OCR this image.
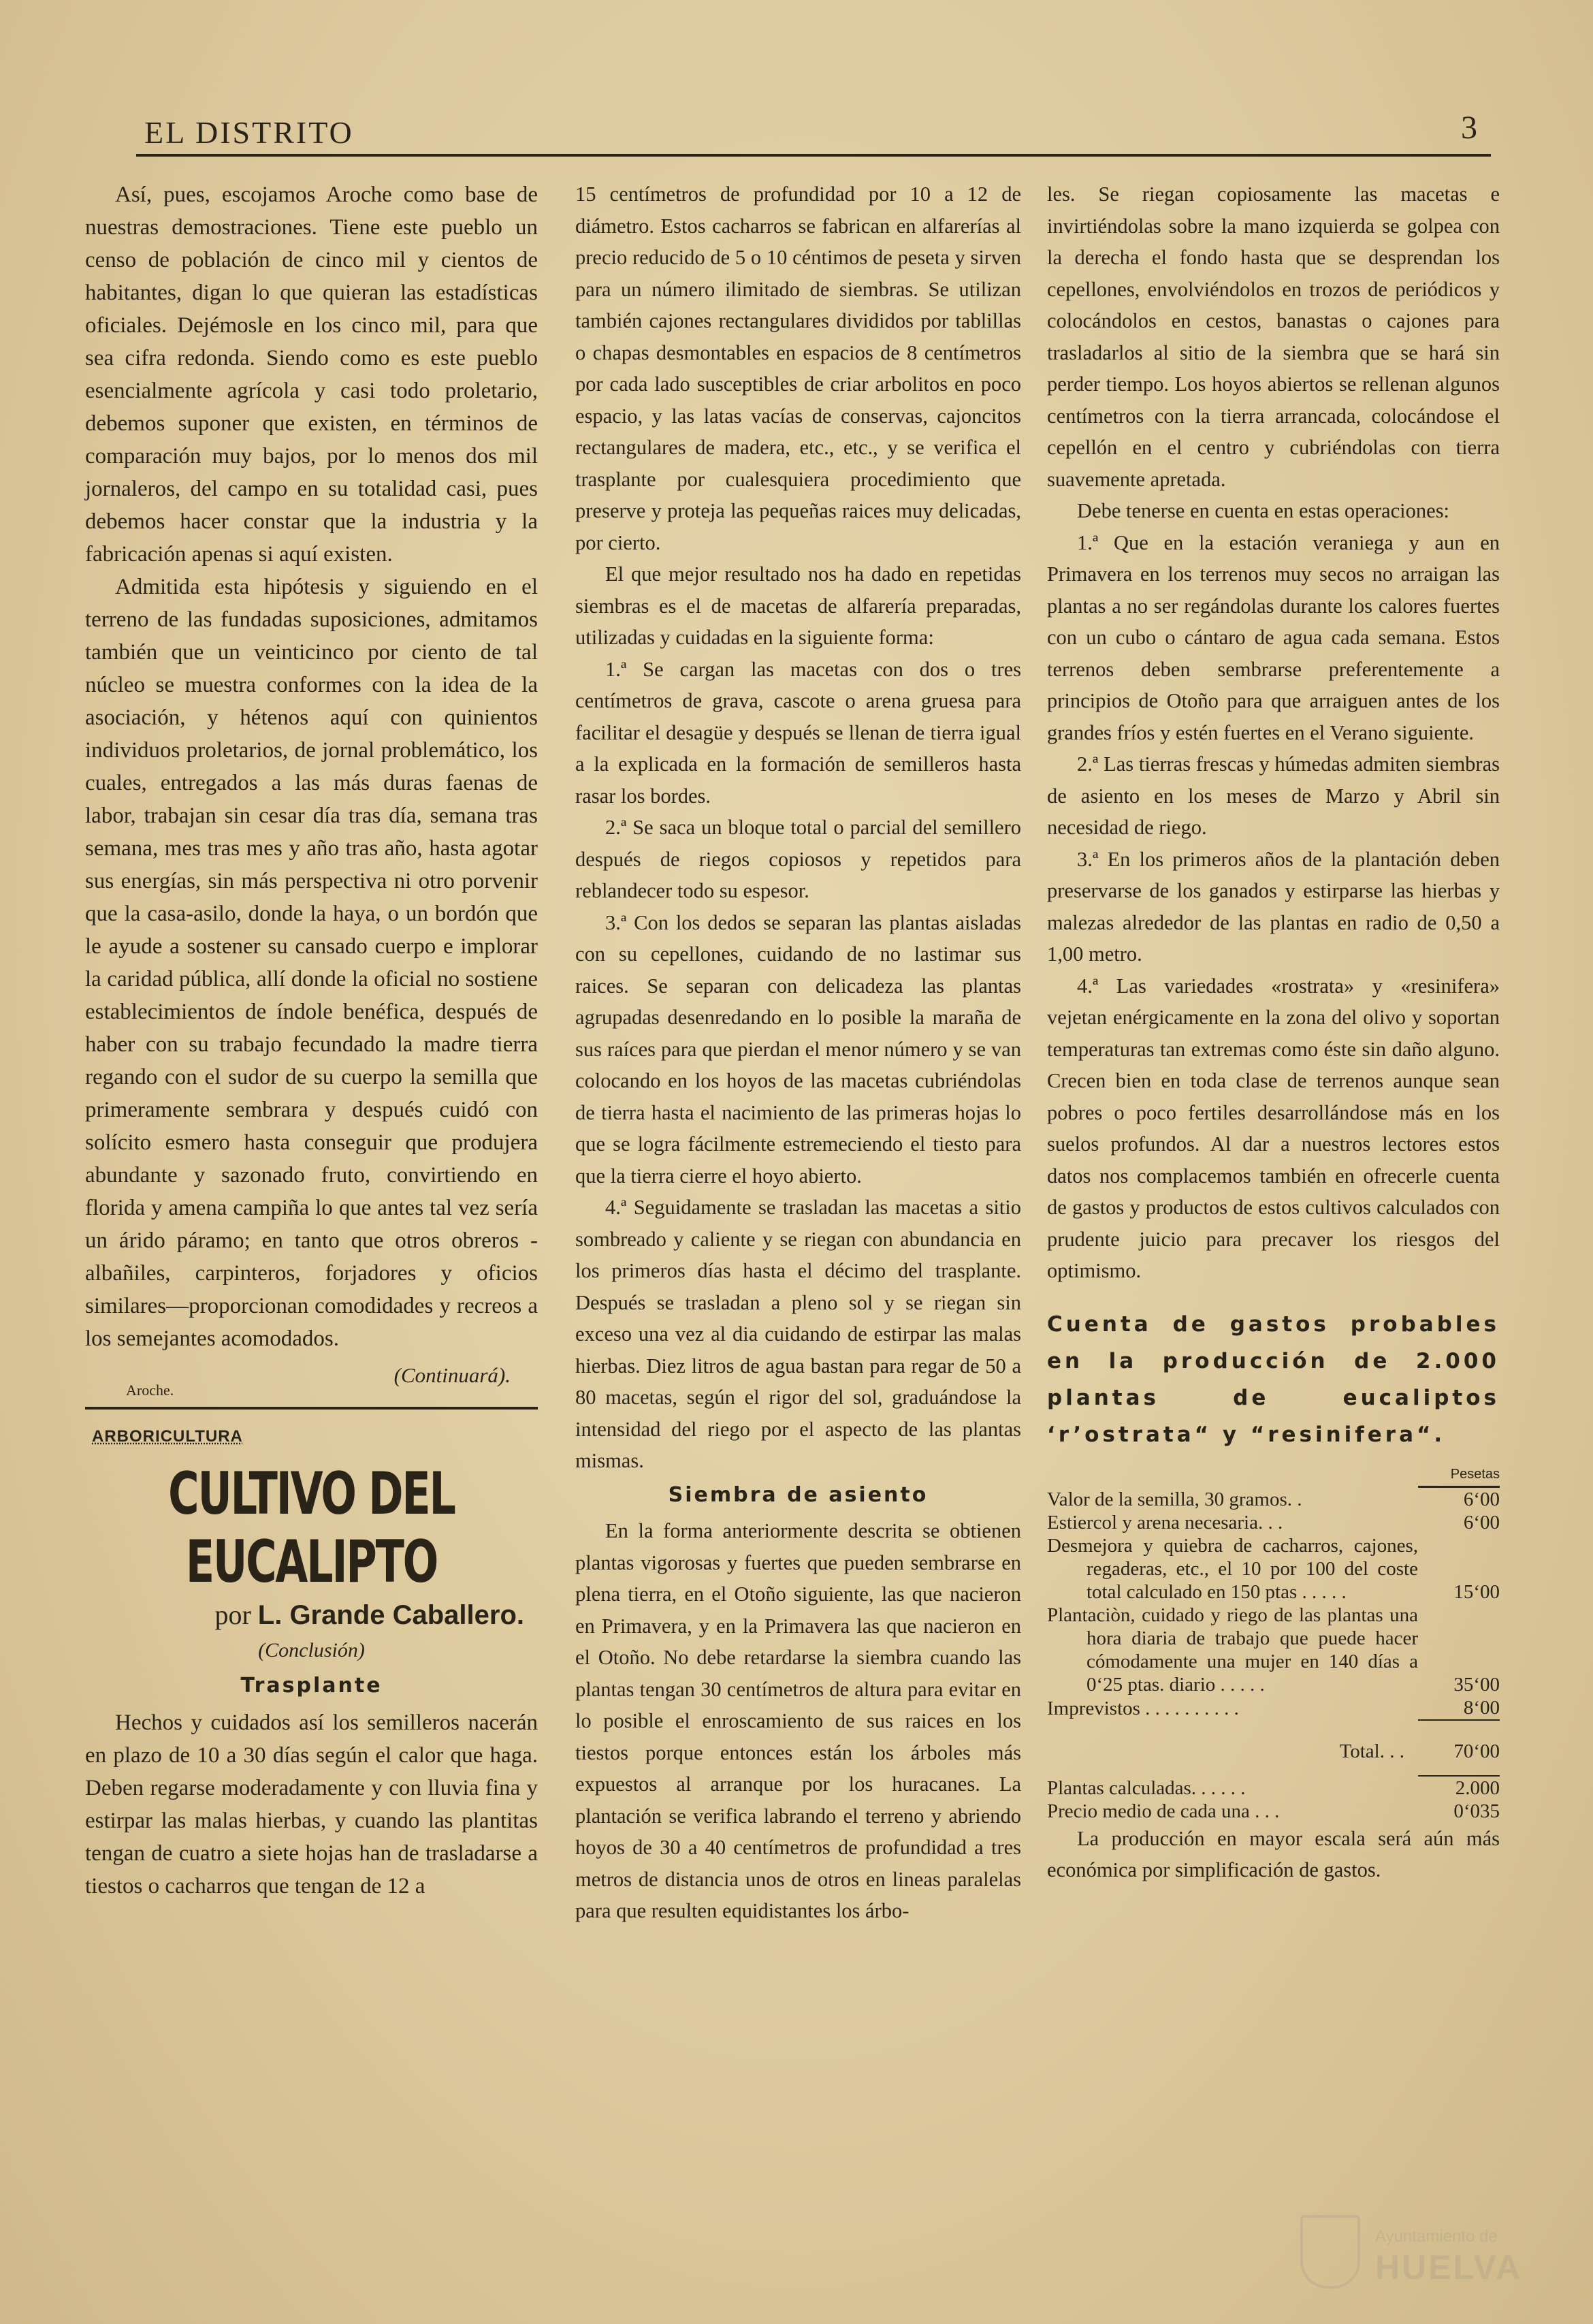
EL DISTRITO	3

Así, pues, escojamos Aroche como base de nuestras demostraciones. Tiene este pueblo un censo de población de cinco mil y cientos de habitantes, digan lo que quieran las estadísticas oficiales. Dejémosle en los cinco mil, para que sea cifra redonda. Siendo como es este pueblo esencialmente agrícola y casi todo proletario, debemos suponer que existen, en términos de comparación muy bajos, por lo menos dos mil jornaleros, del campo en su totalidad casi, pues debemos hacer constar que la industria y la fabricación apenas si aquí existen.

Admitida esta hipótesis y siguiendo en el terreno de las fundadas suposiciones, admitamos también que un veinticinco por ciento de tal núcleo se muestra conformes con la idea de la asociación, y hétenos aquí con quinientos individuos proletarios, de jornal problemático, los cuales, entregados a las más duras faenas de labor, trabajan sin cesar día tras día, semana tras semana, mes tras mes y año tras año, hasta agotar sus energías, sin más perspectiva ni otro porvenir que la casa-asilo, donde la haya, o un bordón que le ayude a sostener su cansado cuerpo e implorar la caridad pública, allí donde la oficial no sostiene establecimientos de índole benéfica, después de haber con su trabajo fecundado la madre tierra regando con el sudor de su cuerpo la semilla que primeramente sembrara y después cuidó con solícito esmero hasta conseguir que produjera abundante y sazonado fruto, convirtiendo en florida y amena campiña lo que antes tal vez sería un árido páramo; en tanto que otros obreros - albañiles, carpinteros, forjadores y oficios similares—proporcionan comodidades y recreos a los semejantes acomodados.

Aroche.
(Continuará).
ARBORICULTURA
CULTIVO DEL EUCALIPTO
por L. Grande Caballero.
(Conclusión)
Trasplante

Hechos y cuidados así los semilleros nacerán en plazo de 10 a 30 días según el calor que haga. Deben regarse moderadamente y con lluvia fina y estirpar las malas hierbas, y cuando las plantitas tengan de cuatro a siete hojas han de trasladarse a tiestos o cacharros que tengan de 12 a

15 centímetros de profundidad por 10 a 12 de diámetro. Estos cacharros se fabrican en alfarerías al precio reducido de 5 o 10 céntimos de peseta y sirven para un número ilimitado de siembras. Se utilizan también cajones rectangulares divididos por tablillas o chapas desmontables en espacios de 8 centímetros por cada lado susceptibles de criar arbolitos en poco espacio, y las latas vacías de conservas, cajoncitos rectangulares de madera, etc., etc., y se verifica el trasplante por cualesquiera procedimiento que preserve y proteja las pequeñas raices muy delicadas, por cierto.

El que mejor resultado nos ha dado en repetidas siembras es el de macetas de alfarería preparadas, utilizadas y cuidadas en la siguiente forma:

1.ª Se cargan las macetas con dos o tres centímetros de grava, cascote o arena gruesa para facilitar el desagüe y después se llenan de tierra igual a la explicada en la formación de semilleros hasta rasar los bordes.

2.ª Se saca un bloque total o parcial del semillero después de riegos copiosos y repetidos para reblandecer todo su espesor.

3.ª Con los dedos se separan las plantas aisladas con su cepellones, cuidando de no lastimar sus raices. Se separan con delicadeza las plantas agrupadas desenredando en lo posible la maraña de sus raíces para que pierdan el menor número y se van colocando en los hoyos de las macetas cubriéndolas de tierra hasta el nacimiento de las primeras hojas lo que se logra fácilmente estremeciendo el tiesto para que la tierra cierre el hoyo abierto.

4.ª Seguidamente se trasladan las macetas a sitio sombreado y caliente y se riegan con abundancia en los primeros días hasta el décimo del trasplante. Después se trasladan a pleno sol y se riegan sin exceso una vez al dia cuidando de estirpar las malas hierbas. Diez litros de agua bastan para regar de 50 a 80 macetas, según el rigor del sol, graduándose la intensidad del riego por el aspecto de las plantas mismas.

Siembra de asiento

En la forma anteriormente descrita se obtienen plantas vigorosas y fuertes que pueden sembrarse en plena tierra, en el Otoño siguiente, las que nacieron en Primavera, y en la Primavera las que nacieron en el Otoño. No debe retardarse la siembra cuando las plantas tengan 30 centímetros de altura para evitar en lo posible el enroscamiento de sus raices en los tiestos porque entonces están los árboles más expuestos al arranque por los huracanes. La plantación se verifica labrando el terreno y abriendo hoyos de 30 a 40 centímetros de profundidad a tres metros de distancia unos de otros en lineas paralelas para que resulten equidistantes los árbo-

les. Se riegan copiosamente las macetas e invirtiéndolas sobre la mano izquierda se golpea con la derecha el fondo hasta que se desprendan los cepellones, envolviéndolos en trozos de periódicos y colocándolos en cestos, banastas o cajones para trasladarlos al sitio de la siembra que se hará sin perder tiempo. Los hoyos abiertos se rellenan algunos centímetros con la tierra arrancada, colocándose el cepellón en el centro y cubriéndolas con tierra suavemente apretada.

Debe tenerse en cuenta en estas operaciones:

1.ª Que en la estación veraniega y aun en Primavera en los terrenos muy secos no arraigan las plantas a no ser regándolas durante los calores fuertes con un cubo o cántaro de agua cada semana. Estos terrenos deben sembrarse preferentemente a principios de Otoño para que arraiguen antes de los grandes fríos y estén fuertes en el Verano siguiente.

2.ª Las tierras frescas y húmedas admiten siembras de asiento en los meses de Marzo y Abril sin necesidad de riego.

3.ª En los primeros años de la plantación deben preservarse de los ganados y estirparse las hierbas y malezas alrededor de las plantas en radio de 0,50 a 1,00 metro.

4.ª Las variedades «rostrata» y «resinifera» vejetan enérgicamente en la zona del olivo y soportan temperaturas tan extremas como éste sin daño alguno. Crecen bien en toda clase de terrenos aunque sean pobres o poco fertiles desarrollándose más en los suelos profundos. Al dar a nuestros lectores estos datos nos complacemos también en ofrecerle cuenta de gastos y productos de estos cultivos calculados con prudente juicio para precaver los riesgos del optimismo.

Cuenta de gastos probables en la producción de 2.000 plantas de eucaliptos ‘r’ostrata“ y “resinifera“.
	Pesetas
Valor de la semilla, 30 gramos. .	6‘00
Estiercol y arena necesaria. . .	6‘00
Desmejora y quiebra de cacharros, cajones, regaderas, etc., el 10 por 100 del coste total calculado en 150 ptas . . . . .	15‘00
Plantaciòn, cuidado y riego de las plantas una hora diaria de trabajo que puede hacer cómodamente una mujer en 140 días a 0‘25 ptas. diario . . . . .	35‘00
Imprevistos . . . . . . . . . .	8‘00
Total. . .	70‘00

Plantas calculadas. . . . . .	2.000
Precio medio de cada una . . .	0‘035

La producción en mayor escala será aún más económica por simplificación de gastos.

Ayuntamiento de
HUELVA
